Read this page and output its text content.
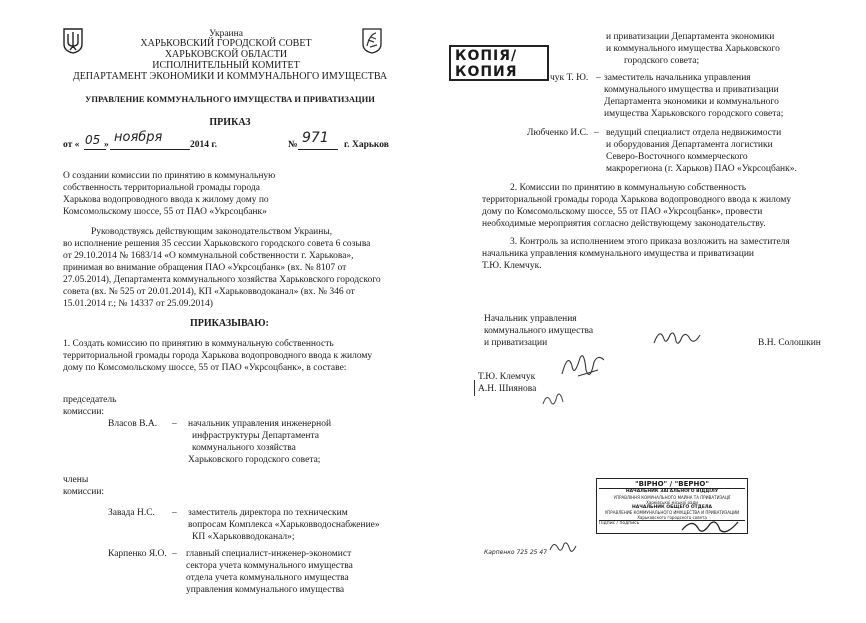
Украина
ХАРЬКОВСКИЙ ГОРОДСКОЙ СОВЕТ
ХАРЬКОВСКОЙ ОБЛАСТИ
ИСПОЛНИТЕЛЬНЫЙ КОМИТЕТ
ДЕПАРТАМЕНТ ЭКОНОМИКИ И КОММУНАЛЬНОГО ИМУЩЕСТВА
УПРАВЛЕНИЕ КОММУНАЛЬНОГО ИМУЩЕСТВА И ПРИВАТИЗАЦИИ
ПРИКАЗ
от « 05 » ноября	2014 г.	№ 971 г. Харьков
О создании комиссии по принятию в коммунальную
собственность территориальной громады города
Харькова водопроводного ввода к жилому дому по
Комсомольскому шоссе, 55 от ПАО «Укрсоцбанк»
Руководствуясь действующим законодательством Украины,
во исполнение решения 35 сессии Харьковского городского совета 6 созыва
от 29.10.2014 № 1683/14 «О коммунальной собственности г. Харькова»,
принимая во внимание обращения ПАО «Укрсоцбанк» (вх. № 8107 от
27.05.2014), Департамента коммунального хозяйства Харьковского городского
совета (вх. № 525 от 20.01.2014), КП «Харьковводоканал» (вх. № 346 от
15.01.2014 г.; № 14337 от 25.09.2014)
ПРИКАЗЫВАЮ:
1. Создать комиссию по принятию в коммунальную собственность
территориальной громады города Харькова водопроводного ввода к жилому
дому по Комсомольскому шоссе, 55 от ПАО «Укрсоцбанк», в составе:
председатель
комиссии:
Власов В.А. – начальник управления инженерной
инфраструктуры Департамента
коммунального хозяйства
Харьковского городского совета;
члены
комиссии:
Завада Н.С. – заместитель директора по техническим
вопросам Комплекса «Харьковводоснабжение»
КП «Харьковводоканал»;
Карпенко Я.О. – главный специалист-инженер-экономист
сектора учета коммунального имущества
отдела учета коммунального имущества
управления коммунального имущества
и приватизации Департамента экономики
и коммунального имущества Харьковского
городского совета;
КОПІЯ/
КОПИЯ	чук Т. Ю. – заместитель начальника управления
коммунального имущества и приватизации
Департамента экономики и коммунального
имущества Харьковского городского совета;
Любченко И.С. – ведущий специалист отдела недвижимости
и оборудования Департамента логистики
Северо-Восточного коммерческого
макрорегиона (г. Харьков) ПАО «Укрсоцбанк».
2. Комиссии по принятию в коммунальную собственность
территориальной громады города Харькова водопроводного ввода к жилому
дому по Комсомольскому шоссе, 55 от ПАО «Укрсоцбанк», провести
необходимые мероприятия согласно действующему законодательству.
3. Контроль за исполнением этого приказа возложить на заместителя
начальника управления коммунального имущества и приватизации
Т.Ю. Клемчук.
Начальник управления
коммунального имущества
и приватизации	В.Н. Солошкин
Т.Ю. Клемчук
А.Н. Шиянова
"ВІРНО" / "ВЕРНО"
НАЧАЛЬНИК ЗАГАЛЬНОГО ВІДДІЛУ
УПРАВЛІННЯ КОМУНАЛЬНОГО МАЙНА ТА ПРИВАТИЗАЦІЇ
Харківської міської ради
НАЧАЛЬНИК ОБЩЕГО ОТДЕЛА
УПРАВЛЕНИЕ КОММУНАЛЬНОГО ИМУЩЕСТВА И ПРИВАТИЗАЦИИ
Харьковского городского совета
Підпис / подпись
Карпенко 725 25 47
